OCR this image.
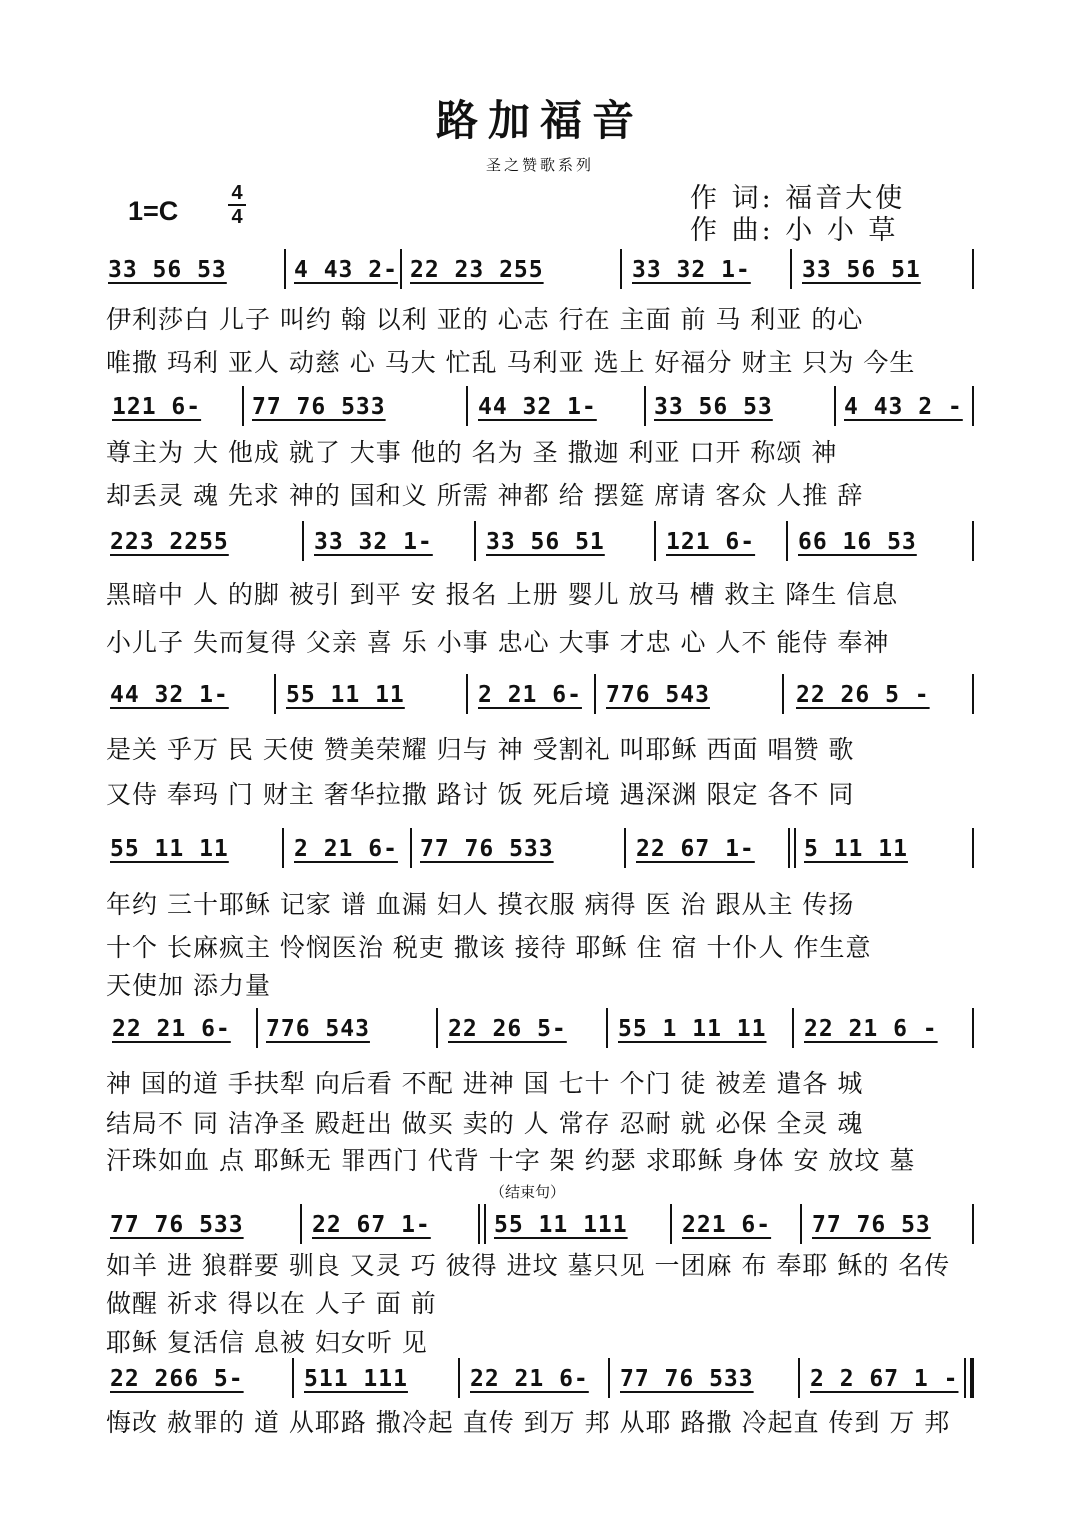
路加福音
圣之赞歌系列
1=C
4
4
作 词: 福音大使
作 曲: 小 小 草
33 56 53	4 43 2- 22 23 255	33 32 1- 33 56 51
伊利莎白 儿子 叫约 翰 以利 亚的 心志 行在 主面 前 马 利亚 的心
唯撒 玛利 亚人 动慈 心 马大 忙乱 马利亚 选上 好福分 财主 只为 今生
121 6- 77 76 533	44 32 1- 33 56 53	4 43 2 -
尊主为 大 他成 就了 大事 他的 名为 圣 撒迦 利亚 口开 称颂 神
却丢灵 魂 先求 神的 国和义 所需 神都 给 摆筵 席请 客众 人推 辞
223 2255	33 32 1- 33 56 51	121 6- 66 16 53
黑暗中 人 的脚 被引 到平 安 报名 上册 婴儿 放马 槽 救主 降生 信息
小儿子 失而复得 父亲 喜 乐 小事 忠心 大事 才忠 心 人不 能侍 奉神
44 32 1- 55 11 11	2 21 6- 776 543	22 26 5 -
是关 乎万 民 天使 赞美荣耀 归与 神 受割礼 叫耶稣 西面 唱赞 歌
又侍 奉玛 门 财主 奢华拉撒 路讨 饭 死后境 遇深渊 限定 各不 同
55 11 11	2 21 6- 77 76 533	22 67 1- 5 11 11
年约 三十耶稣 记家 谱 血漏 妇人 摸衣服 病得 医 治 跟从主 传扬
十个 长麻疯主 怜悯医治 税吏 撒该 接待 耶稣 住 宿 十仆人 作生意
天使加 添力量
22 21 6- 776 543	22 26 5- 55 1 11 11 22 21 6 -
神 国的道 手扶犁 向后看 不配 进神 国 七十 个门 徒 被差 遣各 城
结局不 同 洁净圣 殿赶出 做买 卖的 人 常存 忍耐 就 必保 全灵 魂
汗珠如血 点 耶稣无 罪西门 代背 十字 架 约瑟 求耶稣 身体 安 放坟 墓
（结束句）
77 76 533	22 67 1-	55 11 111 221 6- 77 76 53
如羊 进 狼群要 驯良 又灵 巧 彼得 进坟 墓只见 一团麻 布 奉耶 稣的 名传
做醒 祈求 得以在 人子 面 前
耶稣 复活信 息被 妇女听 见
22 266 5-	511 111	22 21 6- 77 76 533 2 2 67 1 -
悔改 赦罪的 道 从耶路 撒冷起 直传 到万 邦 从耶 路撒 冷起直 传到 万 邦
